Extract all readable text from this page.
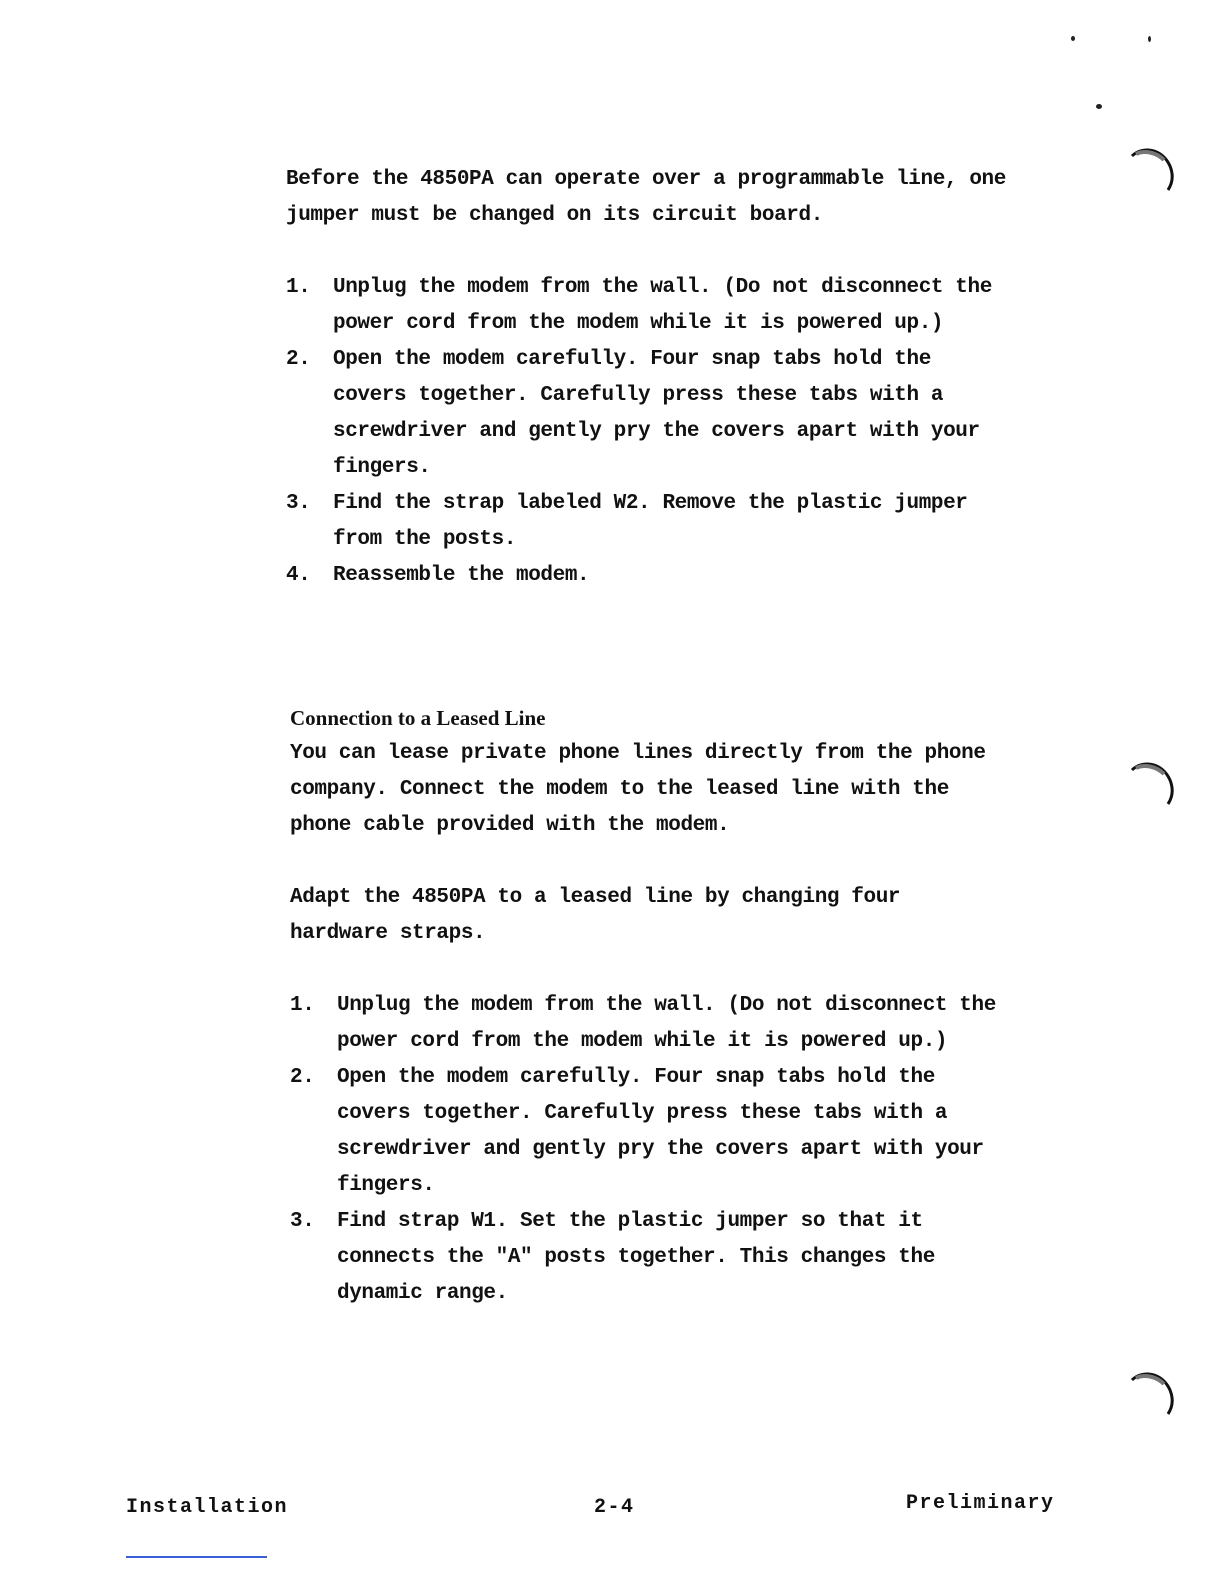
Before the 4850PA can operate over a programmable line, one jumper must be changed on its circuit board.

1.	Unplug the modem from the wall. (Do not disconnect the power cord from the modem while it is powered up.)
2.	Open the modem carefully. Four snap tabs hold the covers together. Carefully press these tabs with a screwdriver and gently pry the covers apart with your fingers.
3.	Find the strap labeled W2. Remove the plastic jumper from the posts.
4.	Reassemble the modem.
Connection to a Leased Line

You can lease private phone lines directly from the phone company. Connect the modem to the leased line with the phone cable provided with the modem.

Adapt the 4850PA to a leased line by changing four hardware straps.

1.	Unplug the modem from the wall. (Do not disconnect the power cord from the modem while it is powered up.)
2.	Open the modem carefully. Four snap tabs hold the covers together. Carefully press these tabs with a screwdriver and gently pry the covers apart with your fingers.
3.	Find strap W1. Set the plastic jumper so that it connects the "A" posts together. This changes the dynamic range.
Installation	2-4	Preliminary
